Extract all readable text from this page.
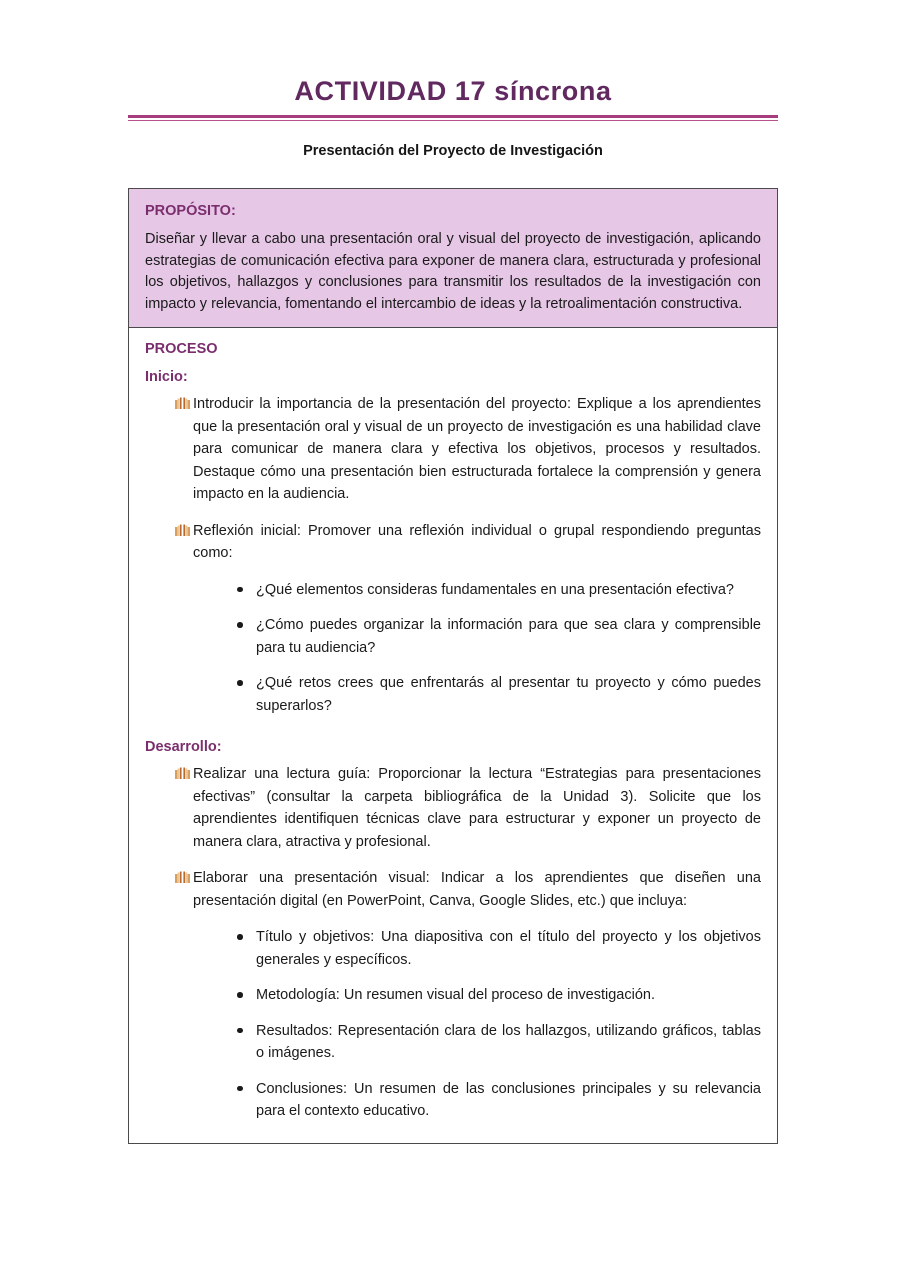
ACTIVIDAD 17 síncrona
Presentación del Proyecto de Investigación
PROPÓSITO:
Diseñar y llevar a cabo una presentación oral y visual del proyecto de investigación, aplicando estrategias de comunicación efectiva para exponer de manera clara, estructurada y profesional los objetivos, hallazgos y conclusiones para transmitir los resultados de la investigación con impacto y relevancia, fomentando el intercambio de ideas y la retroalimentación constructiva.
PROCESO
Inicio:
Introducir la importancia de la presentación del proyecto: Explique a los aprendientes que la presentación oral y visual de un proyecto de investigación es una habilidad clave para comunicar de manera clara y efectiva los objetivos, procesos y resultados. Destaque cómo una presentación bien estructurada fortalece la comprensión y genera impacto en la audiencia.
Reflexión inicial: Promover una reflexión individual o grupal respondiendo preguntas como:
¿Qué elementos consideras fundamentales en una presentación efectiva?
¿Cómo puedes organizar la información para que sea clara y comprensible para tu audiencia?
¿Qué retos crees que enfrentarás al presentar tu proyecto y cómo puedes superarlos?
Desarrollo:
Realizar una lectura guía: Proporcionar la lectura “Estrategias para presentaciones efectivas” (consultar la carpeta bibliográfica de la Unidad 3). Solicite que los aprendientes identifiquen técnicas clave para estructurar y exponer un proyecto de manera clara, atractiva y profesional.
Elaborar una presentación visual: Indicar a los aprendientes que diseñen una presentación digital (en PowerPoint, Canva, Google Slides, etc.) que incluya:
Título y objetivos: Una diapositiva con el título del proyecto y los objetivos generales y específicos.
Metodología: Un resumen visual del proceso de investigación.
Resultados: Representación clara de los hallazgos, utilizando gráficos, tablas o imágenes.
Conclusiones: Un resumen de las conclusiones principales y su relevancia para el contexto educativo.
